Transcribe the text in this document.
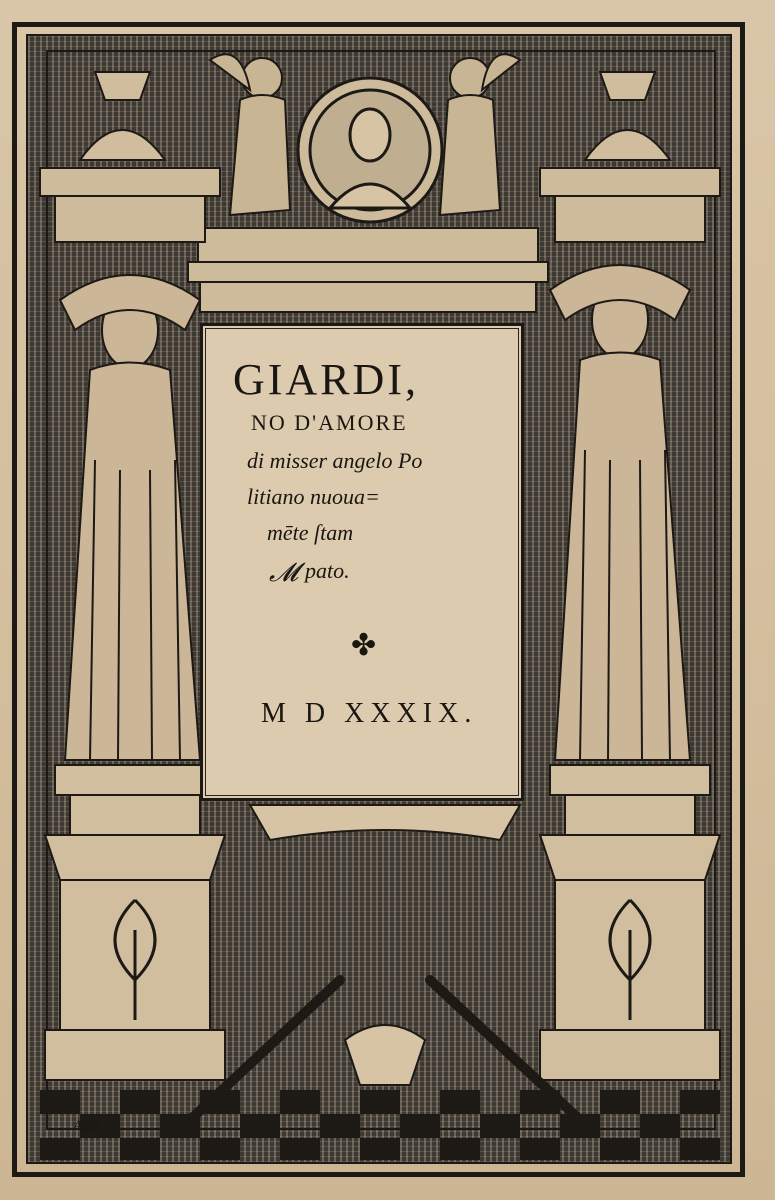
GIARDI,
NO D'AMORE
di misser angelo Po
litiano nuoua=
mēte ſtam
𝓜 pato.
✤
M D XXXIX.
AZG
